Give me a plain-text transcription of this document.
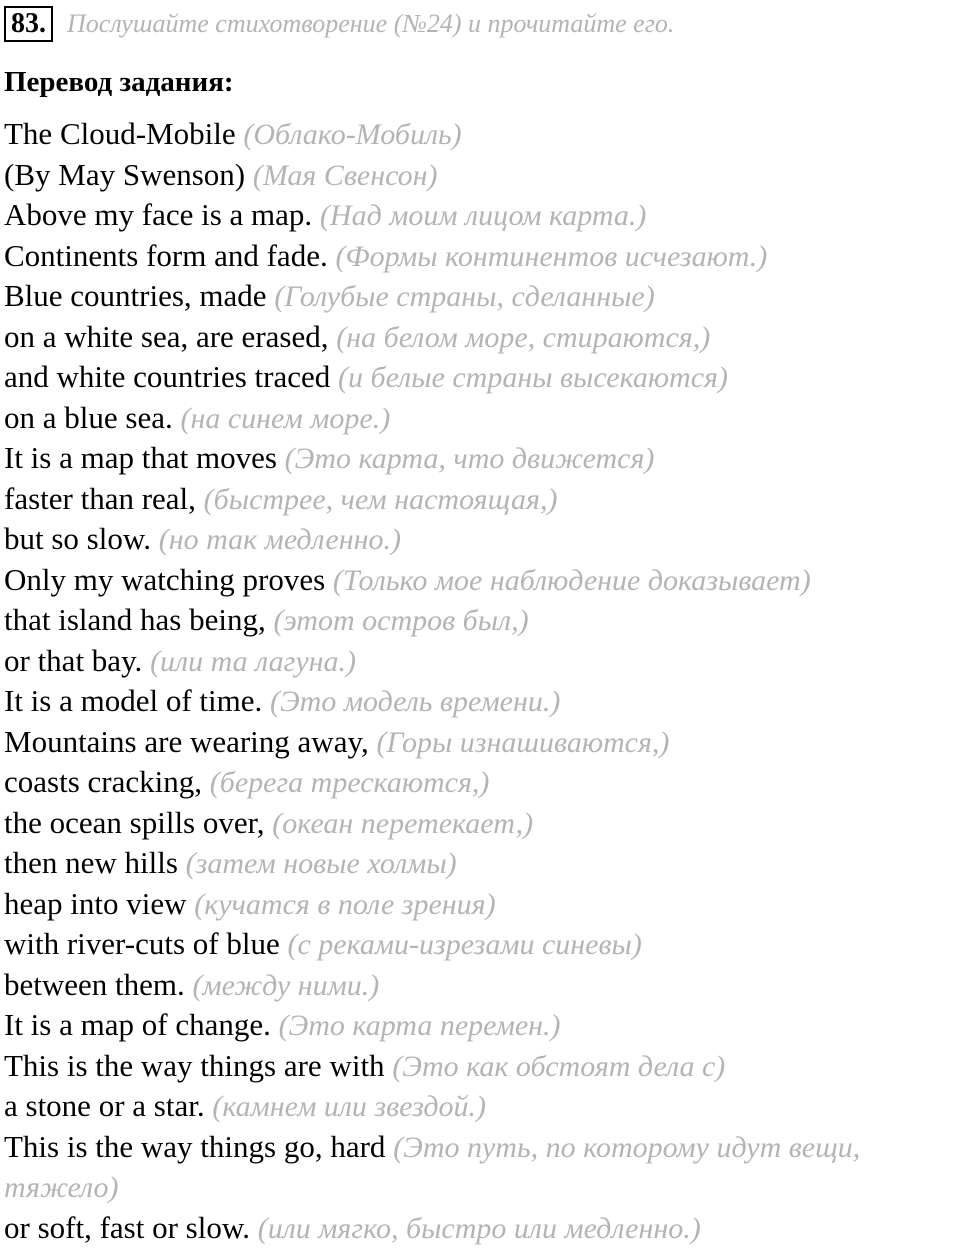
83. Послушайте стихотворение (№24) и прочитайте его.
Перевод задания:
The Cloud-Mobile (Облако-Мобиль)
(By May Swenson) (Мая Свенсон)
Above my face is a map. (Над моим лицом карта.)
Continents form and fade. (Формы континентов исчезают.)
Blue countries, made (Голубые страны, сделанные)
on a white sea, are erased, (на белом море, стираются,)
and white countries traced (и белые страны высекаются)
on a blue sea. (на синем море.)
It is a map that moves (Это карта, что движется)
faster than real, (быстрее, чем настоящая,)
but so slow. (но так медленно.)
Only my watching proves (Только мое наблюдение доказывает)
that island has being, (этот остров был,)
or that bay. (или та лагуна.)
It is a model of time. (Это модель времени.)
Mountains are wearing away, (Горы изнашиваются,)
coasts cracking, (берега трескаются,)
the ocean spills over, (океан перетекает,)
then new hills (затем новые холмы)
heap into view (кучатся в поле зрения)
with river-cuts of blue (с реками-изрезами синевы)
between them. (между ними.)
It is a map of change. (Это карта перемен.)
This is the way things are with (Это как обстоят дела с)
a stone or a star. (камнем или звездой.)
This is the way things go, hard (Это путь, по которому идут вещи,
тяжело)
or soft, fast or slow. (или мягко, быстро или медленно.)
